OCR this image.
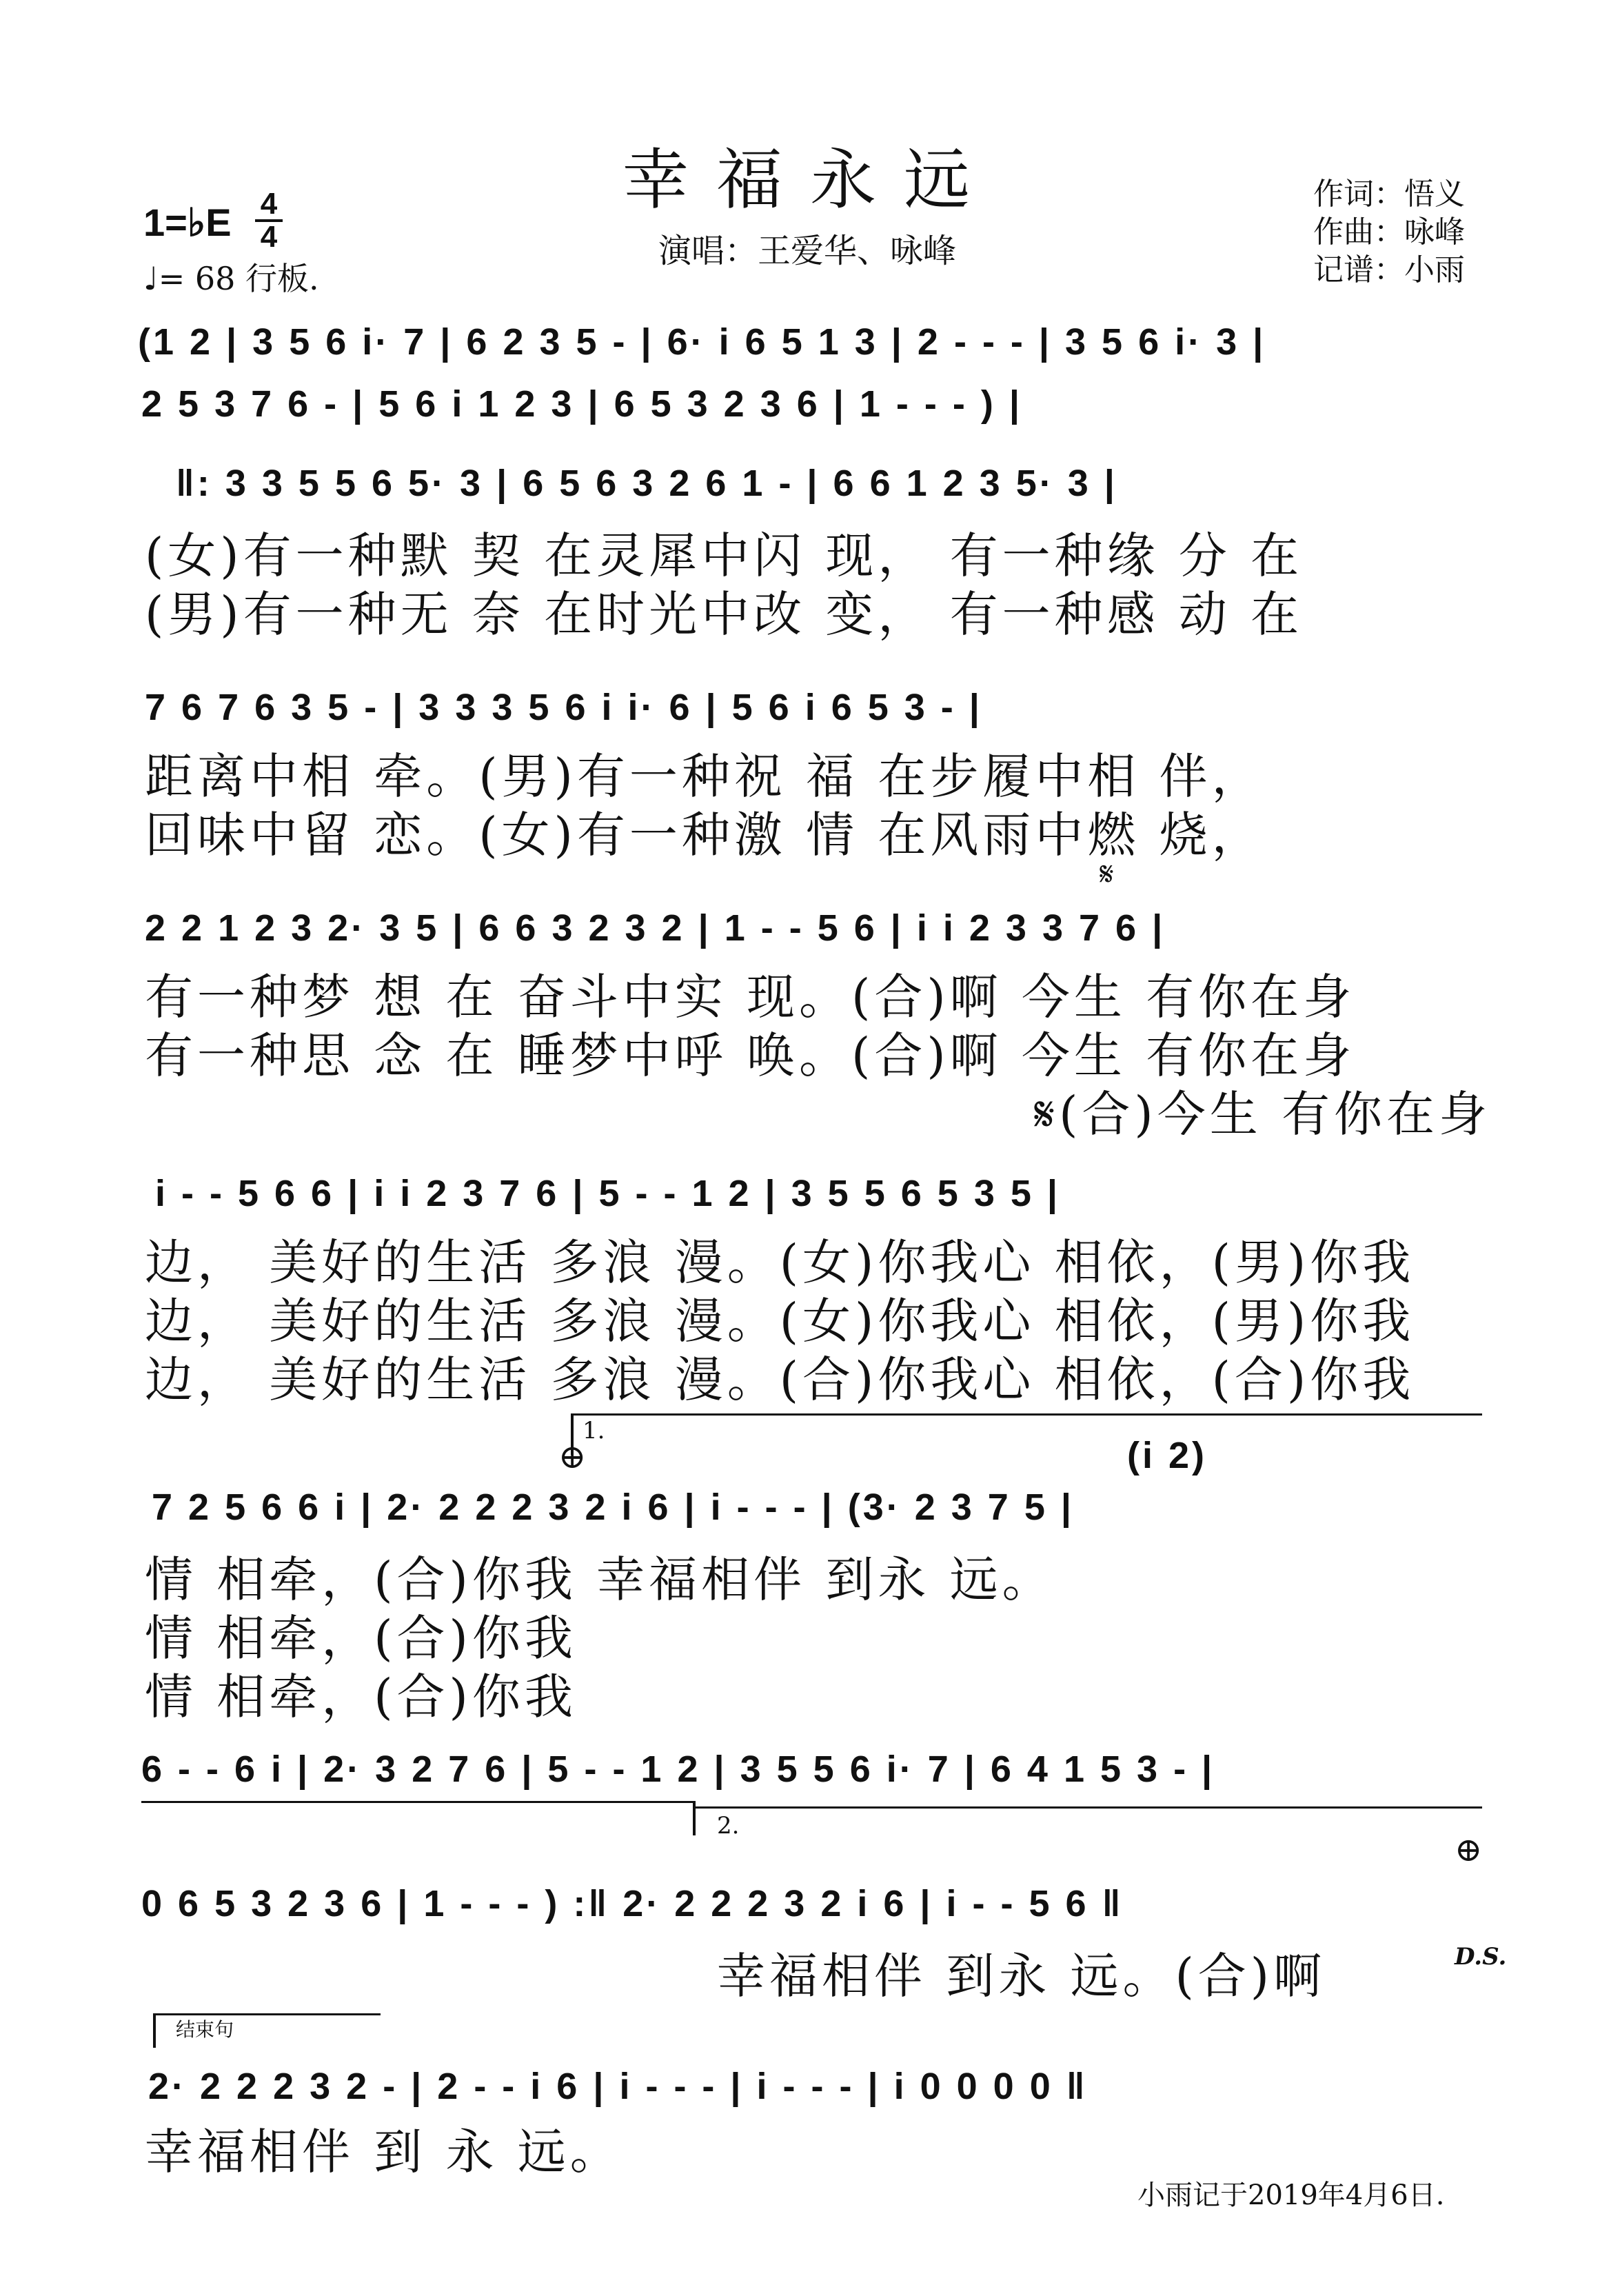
幸福永远
1=♭E 4
4
♩= 68 行板.
演唱：王爱华、咏峰
作词：悟义
作曲：咏峰
记谱：小雨
(1 2 | 3 5 6 i· 7 | 6 2 3 5 - | 6· i 6 5 1 3 | 2 - - - | 3 5 6 i· 3 |
2 5 3 7 6 - | 5 6 i 1 2 3 | 6 5 3 2 3 6 | 1 - - - ) |
‖: 3 3 5 5 6 5· 3 | 6 5 6 3 2 6 1 - | 6 6 1 2 3 5· 3 |
(女)有一种默 契 在灵犀中闪 现， 有一种缘 分 在
(男)有一种无 奈 在时光中改 变， 有一种感 动 在
7 6 7 6 3 5 - | 3 3 3 5 6 i i· 6 | 5 6 i 6 5 3 - |
距离中相 牵。(男)有一种祝 福 在步履中相 伴，
回味中留 恋。(女)有一种激 情 在风雨中燃 烧，
𝄋
2 2 1 2 3 2· 3 5 | 6 6 3 2 3 2 | 1 - - 5 6 | i i 2 3 3 7 6 |
有一种梦 想 在 奋斗中实 现。(合)啊 今生 有你在身
有一种思 念 在 睡梦中呼 唤。(合)啊 今生 有你在身
𝄋(合)今生 有你在身
i - - 5 6 6 | i i 2 3 7 6 | 5 - - 1 2 | 3 5 5 6 5 3 5 |
边， 美好的生活 多浪 漫。(女)你我心 相依，(男)你我
边， 美好的生活 多浪 漫。(女)你我心 相依，(男)你我
边， 美好的生活 多浪 漫。(合)你我心 相依，(合)你我
1.
⊕	(i 2)
7 2 5 6 6 i | 2· 2 2 2 3 2 i 6 | i - - - | (3· 2 3 7 5 |
情 相牵，(合)你我 幸福相伴 到永 远。
情 相牵，(合)你我
情 相牵，(合)你我
6 - - 6 i | 2· 3 2 7 6 | 5 - - 1 2 | 3 5 5 6 i· 7 | 6 4 1 5 3 - |
2.
⊕
0 6 5 3 2 3 6 | 1 - - - ) :‖ 2· 2 2 2 3 2 i 6 | i - - 5 6 ‖
幸福相伴 到永 远。(合)啊	D.S.
结束句
2· 2 2 2 3 2 - | 2 - - i 6 | i - - - | i - - - | i 0 0 0 0 ‖
幸福相伴 到 永 远。
小雨记于2019年4月6日.
